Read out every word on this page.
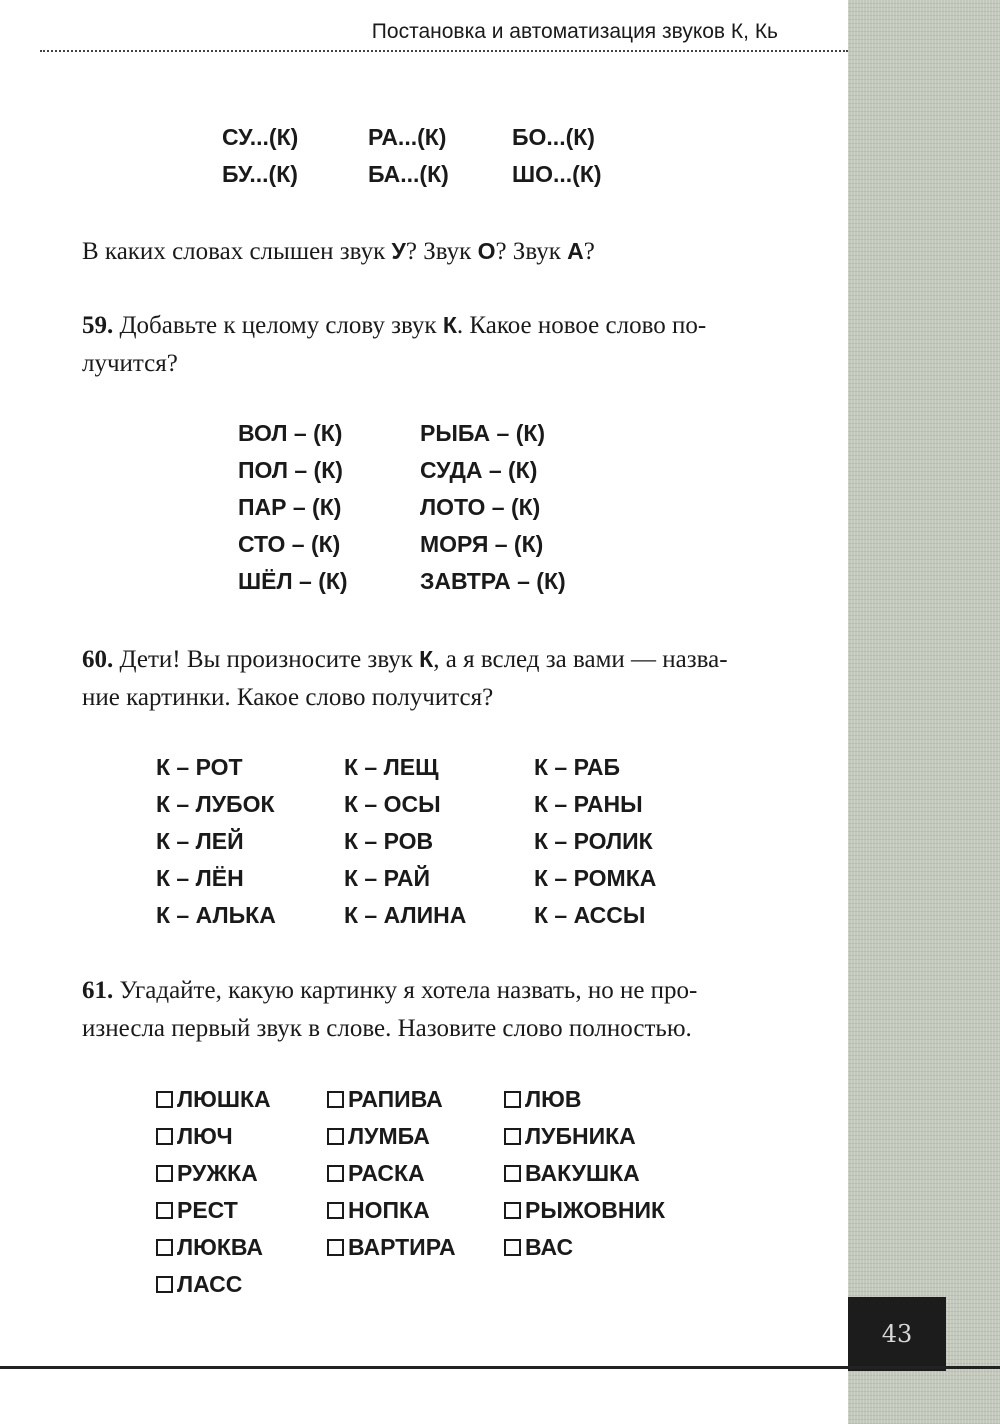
43
Постановка и автоматизация звуков К, Кь
СУ...(К)	РА...(К)	БО...(К)
БУ...(К)	БА...(К)	ШО...(К)
В каких словах слышен звук У? Звук О? Звук А?
59. Добавьте к целому слову звук К. Какое новое слово по-
лучится?
ВОЛ – (К)	РЫБА – (К)
ПОЛ – (К)	СУДА – (К)
ПАР – (К)	ЛОТО – (К)
СТО – (К)	МОРЯ – (К)
ШЁЛ – (К)	ЗАВТРА – (К)
60. Дети! Вы произносите звук К, а я вслед за вами — назва-
ние картинки. Какое слово получится?
К – РОТ	К – ЛЕЩ	К – РАБ
К – ЛУБОК	К – ОСЫ	К – РАНЫ
К – ЛЕЙ	К – РОВ	К – РОЛИК
К – ЛЁН	К – РАЙ	К – РОМКА
К – АЛЬКА	К – АЛИНА	К – АССЫ
61. Угадайте, какую картинку я хотела назвать, но не про-
изнесла первый звук в слове. Назовите слово полностью.
ЛЮШКА	РАПИВА	ЛЮВ
ЛЮЧ	ЛУМБА	ЛУБНИКА
РУЖКА	РАСКА	ВАКУШКА
РЕСТ	НОПКА	РЫЖОВНИК
ЛЮКВА	ВАРТИРА	ВАС
ЛАСС
